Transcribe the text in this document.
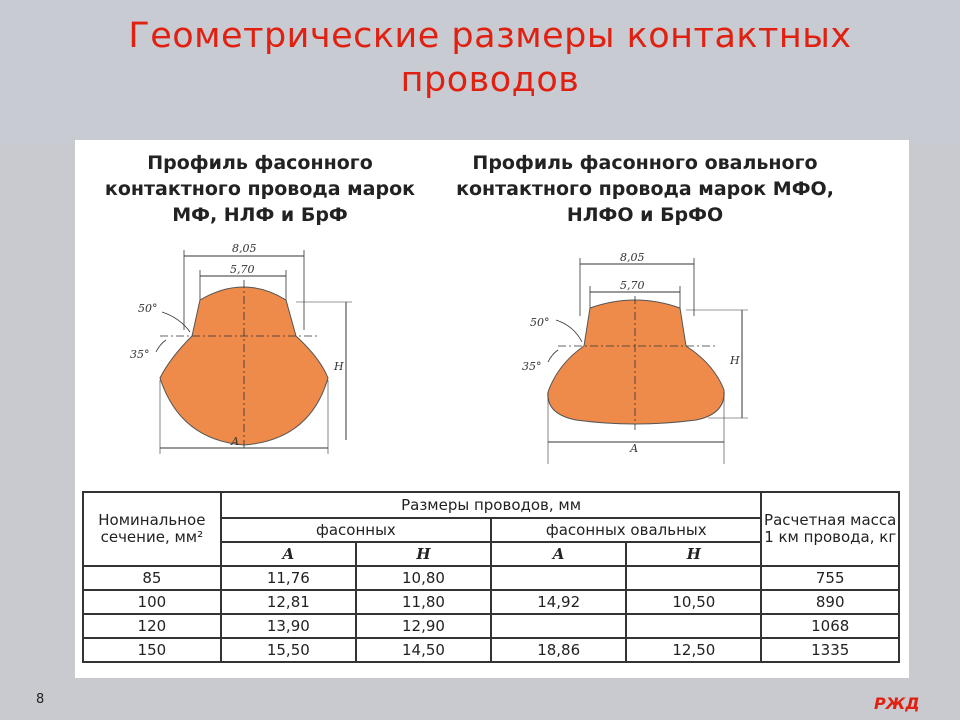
Геометрические размеры контактных проводов
Профиль фасонного контактного провода марок МФ, НЛФ и БрФ
Профиль фасонного овального контактного провода марок МФО, НЛФО и БрФО
8,05
5,70
50°
35°
Н
А
8,05
5,70
50°
35°	Н
А
Номинальное сечение, мм²	Размеры проводов, мм				Расчетная масса 1 км провода, кг
	фасонных		фасонных овальных		
	А	Н	А	Н	
85	11,76	10,80			755
100	12,81	11,80	14,92	10,50	890
120	13,90	12,90			1068
150	15,50	14,50	18,86	12,50	1335
8	РЖД
